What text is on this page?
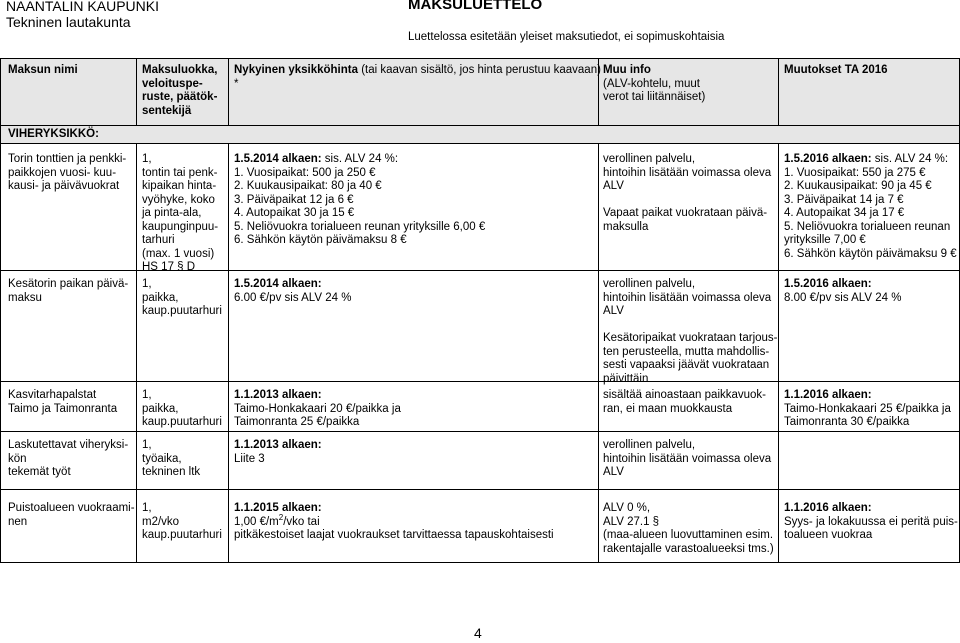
NAANTALIN KAUPUNKI
Tekninen lautakunta
MAKSULUETTELO
Luettelossa esitetään yleiset maksutiedot, ei sopimuskohtaisia
Maksun nimi	Maksuluokka,
veloituspe-
ruste, päätök-
sentekijä
Nykyinen yksikköhinta (tai kaavan sisältö, jos hinta perustuu kaavaan)
*
Muu info
(ALV-kohtelu, muut
verot tai liitännäiset)
Muutokset TA 2016
VIHERYKSIKKÖ:
Torin tonttien ja penkki-
paikkojen vuosi- kuu-
kausi- ja päivävuokrat
1,
tontin tai penk-
kipaikan hinta-
vyöhyke, koko
ja pinta-ala,
kaupunginpuu-
tarhuri
(max. 1 vuosi)
HS 17 § D
1.5.2014 alkaen: sis. ALV 24 %:
1. Vuosipaikat: 500 ja 250 €
2. Kuukausipaikat: 80 ja 40 €
3. Päiväpaikat 12 ja 6 €
4. Autopaikat 30 ja 15 €
5. Neliövuokra torialueen reunan yrityksille 6,00 €
6. Sähkön käytön päivämaksu 8 €
verollinen palvelu,
hintoihin lisätään voimassa oleva
ALV

Vapaat paikat vuokrataan päivä-
maksulla
1.5.2016 alkaen: sis. ALV 24 %:
1. Vuosipaikat: 550 ja 275 €
2. Kuukausipaikat: 90 ja 45 €
3. Päiväpaikat 14 ja 7 €
4. Autopaikat 34 ja 17 €
5. Neliövuokra torialueen reunan
yrityksille 7,00 €
6. Sähkön käytön päivämaksu 9 €
Kesätorin paikan päivä-
maksu
1,
paikka,
kaup.puutarhuri
1.5.2014 alkaen:
6.00 €/pv sis ALV 24 %
verollinen palvelu,
hintoihin lisätään voimassa oleva
ALV

Kesätoripaikat vuokrataan tarjous-
ten perusteella, mutta mahdollis-
sesti vapaaksi jäävät vuokrataan
päivittäin
1.5.2016 alkaen:
8.00 €/pv sis ALV 24 %
Kasvitarhapalstat
Taimo ja Taimonranta
1,
paikka,
kaup.puutarhuri
1.1.2013 alkaen:
Taimo-Honkakaari 20 €/paikka ja
Taimonranta 25 €/paikka
sisältää ainoastaan paikkavuok-
ran, ei maan muokkausta
1.1.2016 alkaen:
Taimo-Honkakaari 25 €/paikka ja
Taimonranta 30 €/paikka
Laskutettavat viheryksi-
kön
tekemät työt
1,
työaika,
tekninen ltk
1.1.2013 alkaen:
Liite 3
verollinen palvelu,
hintoihin lisätään voimassa oleva
ALV
Puistoalueen vuokraami-
nen
1,
m2/vko
kaup.puutarhuri
1.1.2015 alkaen:
1,00 $€/m^2$/vko tai
pitkäkestoiset laajat vuokraukset tarvittaessa tapauskohtaisesti
ALV 0 %,
ALV 27.1 §
(maa-alueen luovuttaminen esim.
rakentajalle varastoalueeksi tms.)
1.1.2016 alkaen:
Syys- ja lokakuussa ei peritä puis-
toalueen vuokraa
4
